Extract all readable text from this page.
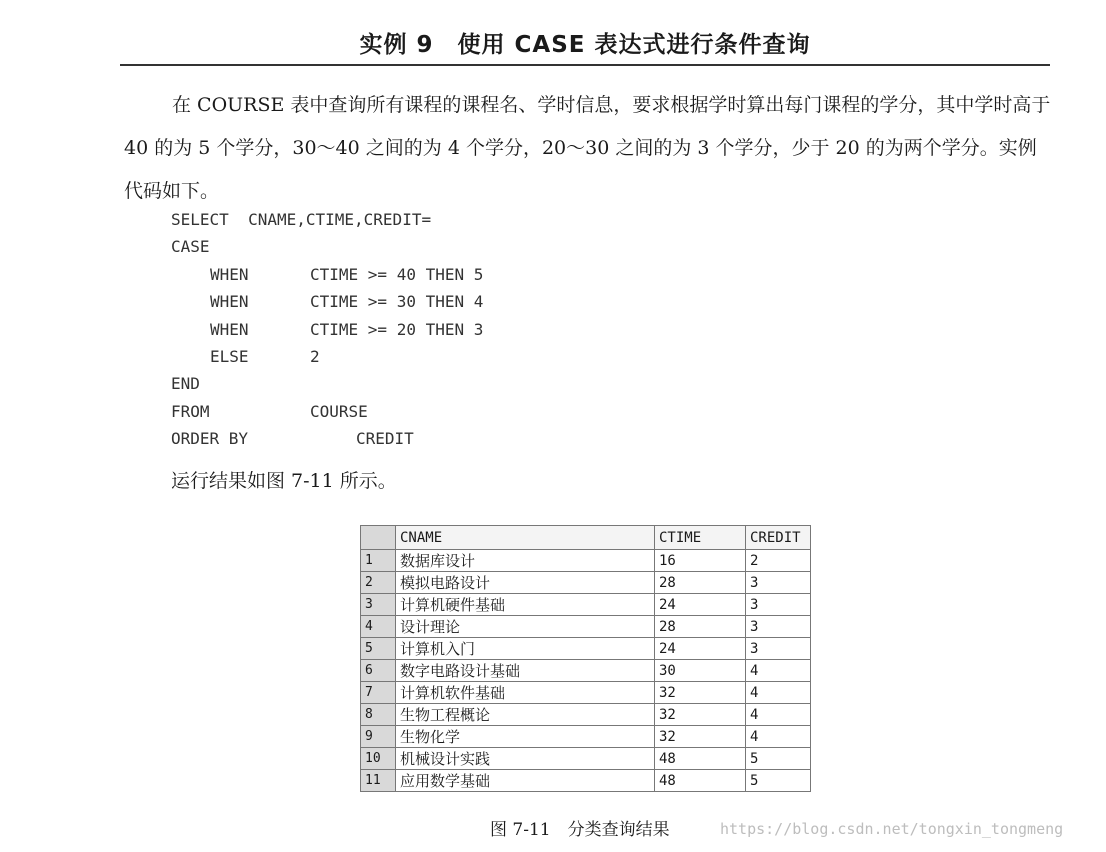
实例 9　 使用 CASE 表达式进行条件查询
在 COURSE 表中查询所有课程的课程名、学时信息，要求根据学时算出每门课程的学分，其中学时高于 40 的为 5 个学分，30～40 之间的为 4 个学分，20～30 之间的为 3 个学分，少于 20 的为两个学分。实例代码如下。
SELECT CNAME,CTIME,CREDIT=
CASE
WHEN	CTIME >= 40 THEN 5
WHEN	CTIME >= 30 THEN 4
WHEN	CTIME >= 20 THEN 3
ELSE	2
END
FROM	COURSE
ORDER BY	CREDIT
运行结果如图 7-11 所示。
	CNAME	CTIME	CREDIT
1	数据库设计	16	2
2	模拟电路设计	28	3
3	计算机硬件基础	24	3
4	设计理论	28	3
5	计算机入门	24	3
6	数字电路设计基础	30	4
7	计算机软件基础	32	4
8	生物工程概论	32	4
9	生物化学	32	4
10	机械设计实践	48	5
11	应用数学基础	48	5
图 7-11　分类查询结果	https://blog.csdn.net/tongxin_tongmeng
